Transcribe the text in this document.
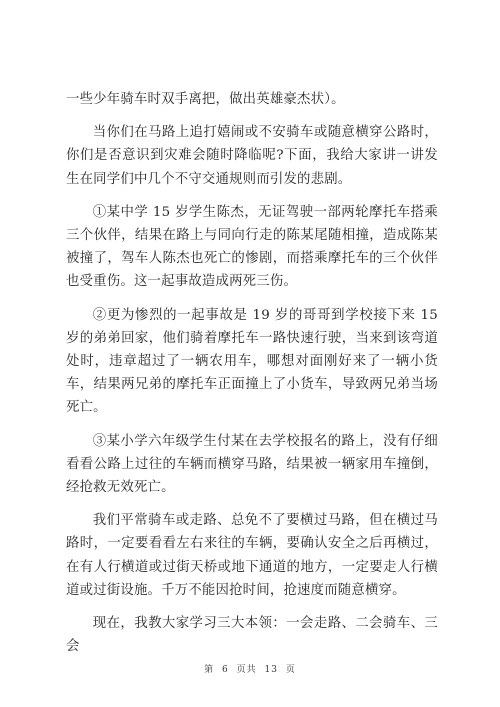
一些少年骑车时双手离把，做出英雄豪杰状）。

当你们在马路上追打嬉闹或不安骑车或随意横穿公路时，你们是否意识到灾难会随时降临呢?下面，我给大家讲一讲发生在同学们中几个不守交通规则而引发的悲剧。

①某中学 15 岁学生陈杰，无证驾驶一部两轮摩托车搭乘三个伙伴，结果在路上与同向行走的陈某尾随相撞，造成陈某被撞了，驾车人陈杰也死亡的惨剧，而搭乘摩托车的三个伙伴也受重伤。这一起事故造成两死三伤。

②更为惨烈的一起事故是 19 岁的哥哥到学校接下来 15 岁的弟弟回家，他们骑着摩托车一路快速行驶，当来到该弯道处时，违章超过了一辆农用车，哪想对面刚好来了一辆小货车，结果两兄弟的摩托车正面撞上了小货车，导致两兄弟当场死亡。

③某小学六年级学生付某在去学校报名的路上，没有仔细看看公路上过往的车辆而横穿马路，结果被一辆家用车撞倒，经抢救无效死亡。

我们平常骑车或走路、总免不了要横过马路，但在横过马路时，一定要看看左右来往的车辆，要确认安全之后再横过，在有人行横道或过街天桥或地下通道的地方，一定要走人行横道或过街设施。千万不能因抢时间，抢速度而随意横穿。

现在，我教大家学习三大本领：一会走路、二会骑车、三会

第 6 页共 13 页
